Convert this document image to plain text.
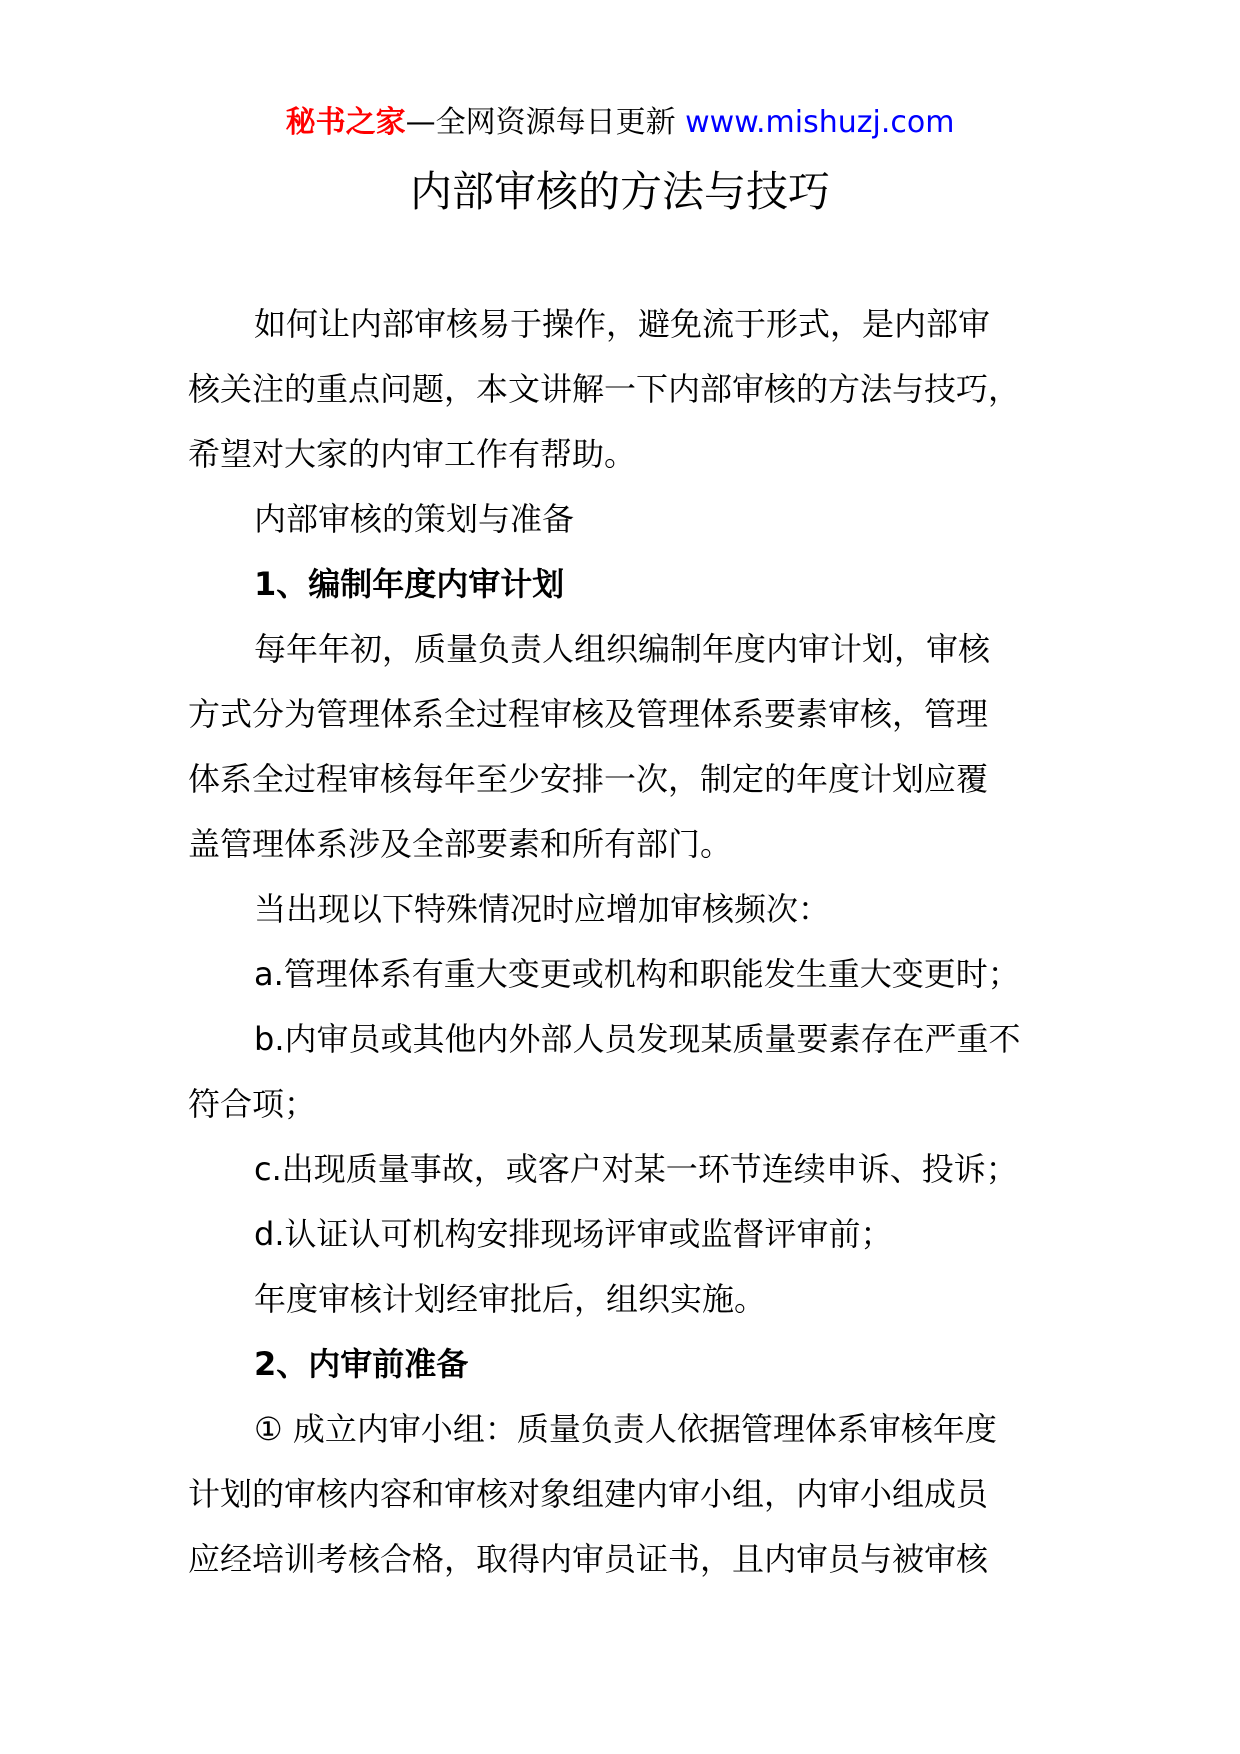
秘书之家—全网资源每日更新 www.mishuzj.com
内部审核的方法与技巧

如何让内部审核易于操作，避免流于形式，是内部审

核关注的重点问题，本文讲解一下内部审核的方法与技巧，

希望对大家的内审工作有帮助。

内部审核的策划与准备

1、编制年度内审计划

每年年初，质量负责人组织编制年度内审计划，审核

方式分为管理体系全过程审核及管理体系要素审核，管理

体系全过程审核每年至少安排一次，制定的年度计划应覆

盖管理体系涉及全部要素和所有部门。

当出现以下特殊情况时应增加审核频次：

a.管理体系有重大变更或机构和职能发生重大变更时；

b.内审员或其他内外部人员发现某质量要素存在严重不

符合项；

c.出现质量事故，或客户对某一环节连续申诉、投诉；

d.认证认可机构安排现场评审或监督评审前；

年度审核计划经审批后，组织实施。

2、内审前准备

① 成立内审小组：质量负责人依据管理体系审核年度

计划的审核内容和审核对象组建内审小组，内审小组成员

应经培训考核合格，取得内审员证书，且内审员与被审核
